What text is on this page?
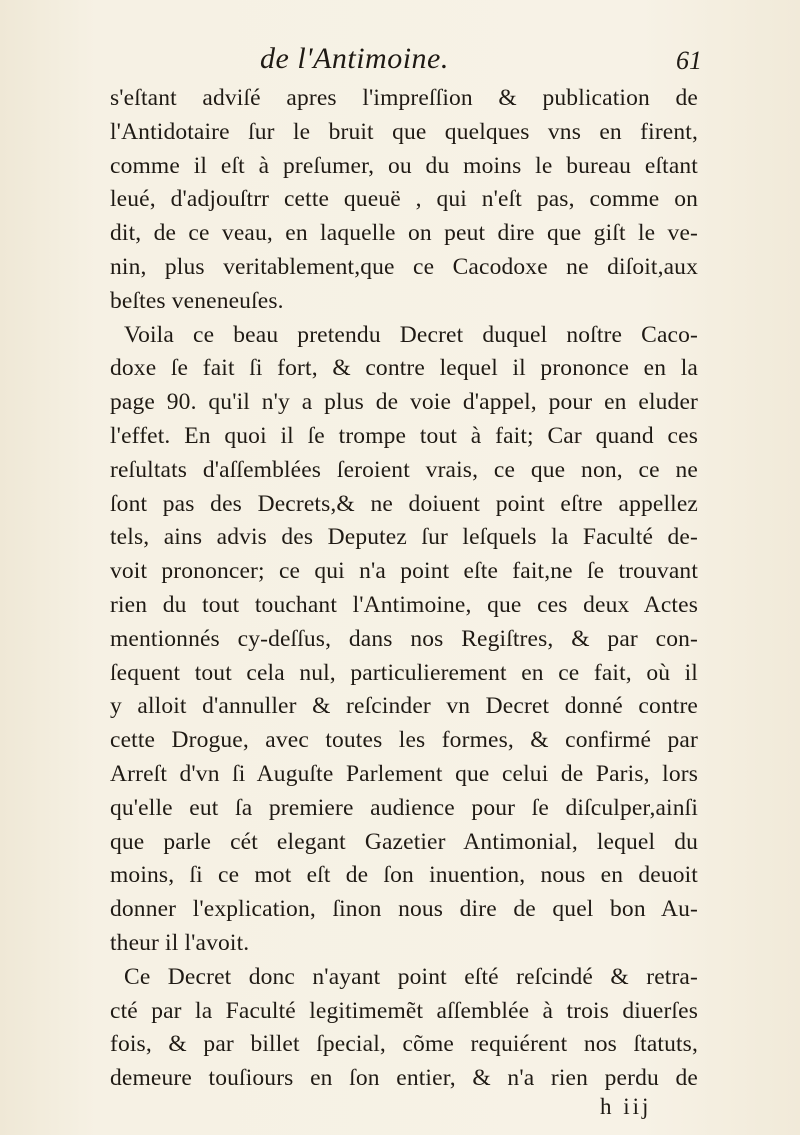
de l'Antimoine.	61
s'eſtant adviſé apres l'impreſſion & publication de
l'Antidotaire ſur le bruit que quelques vns en firent,
comme il eſt à preſumer, ou du moins le bureau eſtant
leué, d'adjouſtrr cette queuë , qui n'eſt pas, comme on
dit, de ce veau, en laquelle on peut dire que giſt le ve-
nin, plus veritablement,que ce Cacodoxe ne diſoit,aux
beſtes veneneuſes.
Voila ce beau pretendu Decret duquel noſtre Caco-
doxe ſe fait ſi fort, & contre lequel il prononce en la
page 90. qu'il n'y a plus de voie d'appel, pour en eluder
l'effet. En quoi il ſe trompe tout à fait; Car quand ces
reſultats d'aſſemblées ſeroient vrais, ce que non, ce ne
ſont pas des Decrets,& ne doiuent point eſtre appellez
tels, ains advis des Deputez ſur leſquels la Faculté de-
voit prononcer; ce qui n'a point eſte fait,ne ſe trouvant
rien du tout touchant l'Antimoine, que ces deux Actes
mentionnés cy-deſſus, dans nos Regiſtres, & par con-
ſequent tout cela nul, particulierement en ce fait, où il
y alloit d'annuller & reſcinder vn Decret donné contre
cette Drogue, avec toutes les formes, & confirmé par
Arreſt d'vn ſi Auguſte Parlement que celui de Paris, lors
qu'elle eut ſa premiere audience pour ſe diſculper,ainſi
que parle cét elegant Gazetier Antimonial, lequel du
moins, ſi ce mot eſt de ſon inuention, nous en deuoit
donner l'explication, ſinon nous dire de quel bon Au-
theur il l'avoit.
Ce Decret donc n'ayant point eſté reſcindé & retra-
cté par la Faculté legitimemẽt aſſemblée à trois diuerſes
fois, & par billet ſpecial, cõme requiérent nos ſtatuts,
demeure touſiours en ſon entier, & n'a rien perdu de
h iij
